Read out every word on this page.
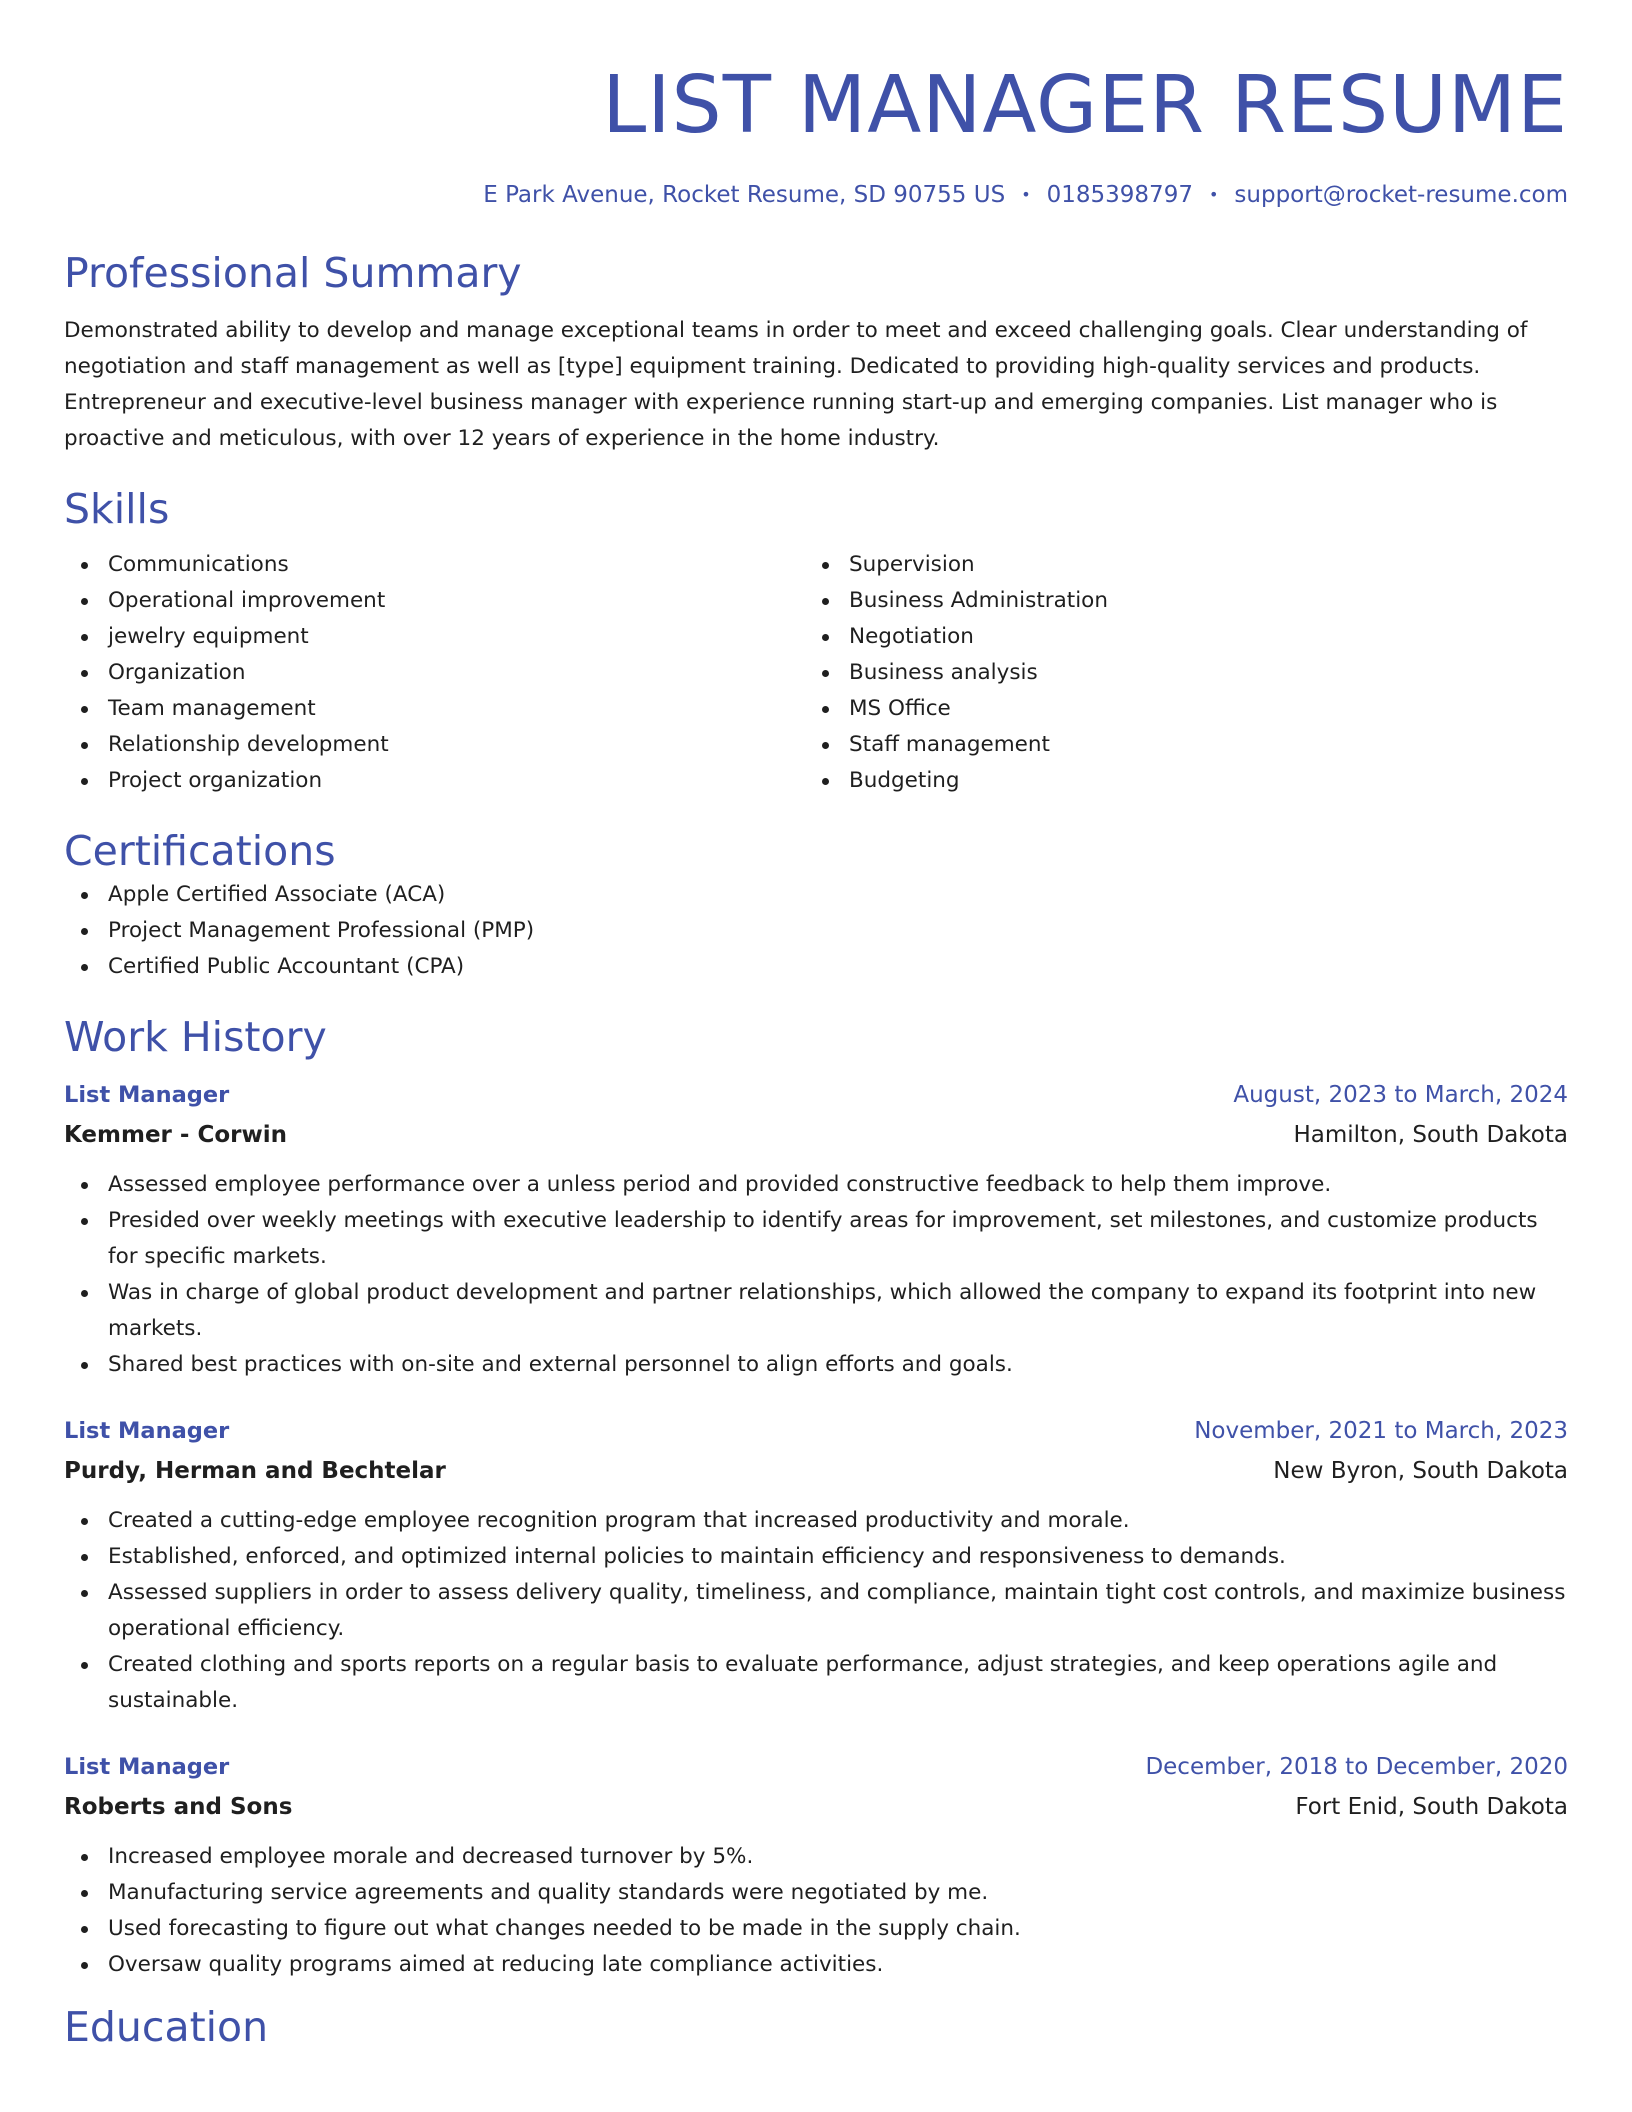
LIST MANAGER RESUME
E Park Avenue, Rocket Resume, SD 90755 US • 0185398797 • support@rocket-resume.com
Professional Summary
Demonstrated ability to develop and manage exceptional teams in order to meet and exceed challenging goals. Clear understanding of negotiation and staff management as well as [type] equipment training. Dedicated to providing high-quality services and products. Entrepreneur and executive-level business manager with experience running start-up and emerging companies. List manager who is proactive and meticulous, with over 12 years of experience in the home industry.
Skills
Communications
Operational improvement
jewelry equipment
Organization
Team management
Relationship development
Project organization
Supervision
Business Administration
Negotiation
Business analysis
MS Office
Staff management
Budgeting
Certifications
Apple Certified Associate (ACA)
Project Management Professional (PMP)
Certified Public Accountant (CPA)
Work History
List Manager	August, 2023 to March, 2024
Kemmer - Corwin	Hamilton, South Dakota
Assessed employee performance over a unless period and provided constructive feedback to help them improve.
Presided over weekly meetings with executive leadership to identify areas for improvement, set milestones, and customize products for specific markets.
Was in charge of global product development and partner relationships, which allowed the company to expand its footprint into new markets.
Shared best practices with on-site and external personnel to align efforts and goals.
List Manager	November, 2021 to March, 2023
Purdy, Herman and Bechtelar	New Byron, South Dakota
Created a cutting-edge employee recognition program that increased productivity and morale.
Established, enforced, and optimized internal policies to maintain efficiency and responsiveness to demands.
Assessed suppliers in order to assess delivery quality, timeliness, and compliance, maintain tight cost controls, and maximize business operational efficiency.
Created clothing and sports reports on a regular basis to evaluate performance, adjust strategies, and keep operations agile and sustainable.
List Manager	December, 2018 to December, 2020
Roberts and Sons	Fort Enid, South Dakota
Increased employee morale and decreased turnover by 5%.
Manufacturing service agreements and quality standards were negotiated by me.
Used forecasting to figure out what changes needed to be made in the supply chain.
Oversaw quality programs aimed at reducing late compliance activities.
Education
